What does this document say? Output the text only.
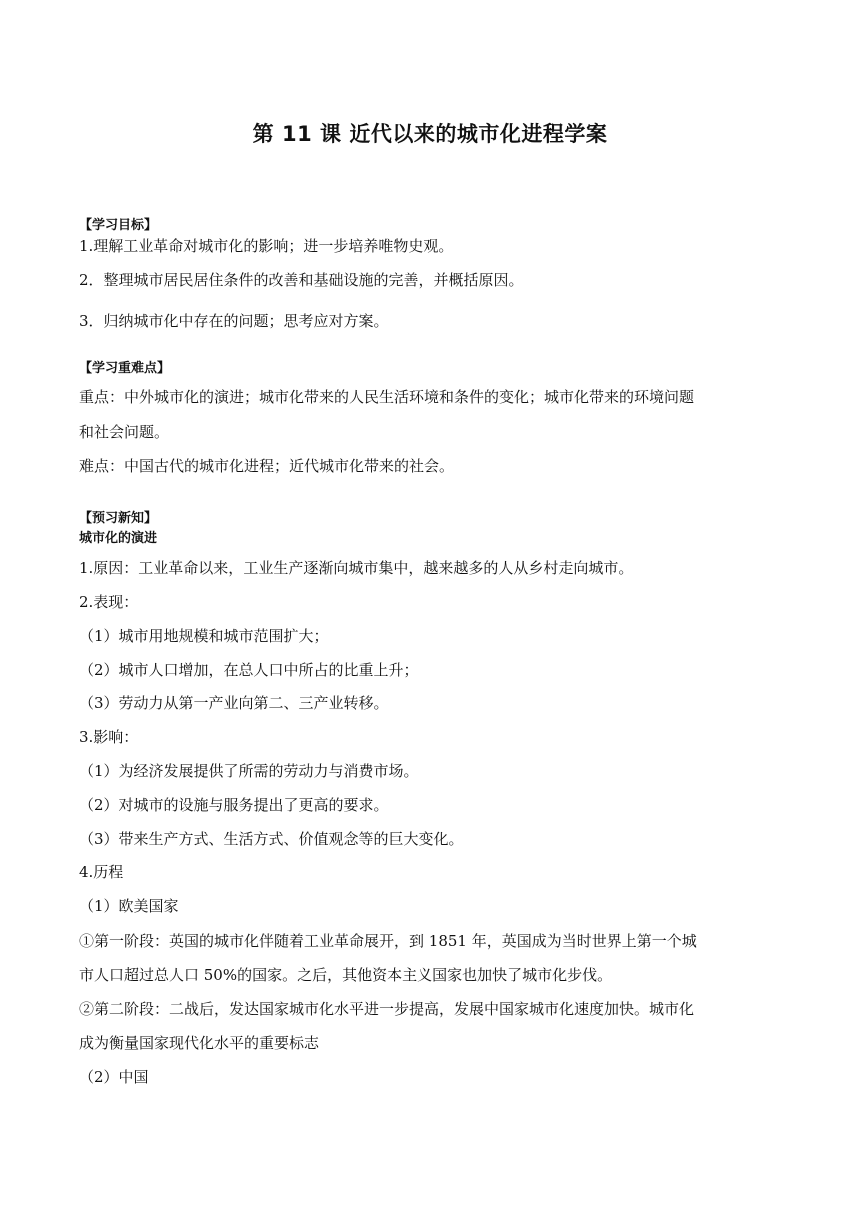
第 11 课 近代以来的城市化进程学案
【学习目标】
1.理解工业革命对城市化的影响；进一步培养唯物史观。
2．整理城市居民居住条件的改善和基础设施的完善，并概括原因。
3．归纳城市化中存在的问题；思考应对方案。
【学习重难点】
重点：中外城市化的演进；城市化带来的人民生活环境和条件的变化；城市化带来的环境问题
和社会问题。
难点：中国古代的城市化进程；近代城市化带来的社会。
【预习新知】
城市化的演进
1.原因：工业革命以来，工业生产逐渐向城市集中，越来越多的人从乡村走向城市。
2.表现：
（1）城市用地规模和城市范围扩大；
（2）城市人口增加，在总人口中所占的比重上升；
（3）劳动力从第一产业向第二、三产业转移。
3.影响：
（1）为经济发展提供了所需的劳动力与消费市场。
（2）对城市的设施与服务提出了更高的要求。
（3）带来生产方式、生活方式、价值观念等的巨大变化。
4.历程
（1）欧美国家
①第一阶段：英国的城市化伴随着工业革命展开，到 1851 年，英国成为当时世界上第一个城
市人口超过总人口 50%的国家。之后，其他资本主义国家也加快了城市化步伐。
②第二阶段：二战后，发达国家城市化水平进一步提高，发展中国家城市化速度加快。城市化
成为衡量国家现代化水平的重要标志
（2）中国
